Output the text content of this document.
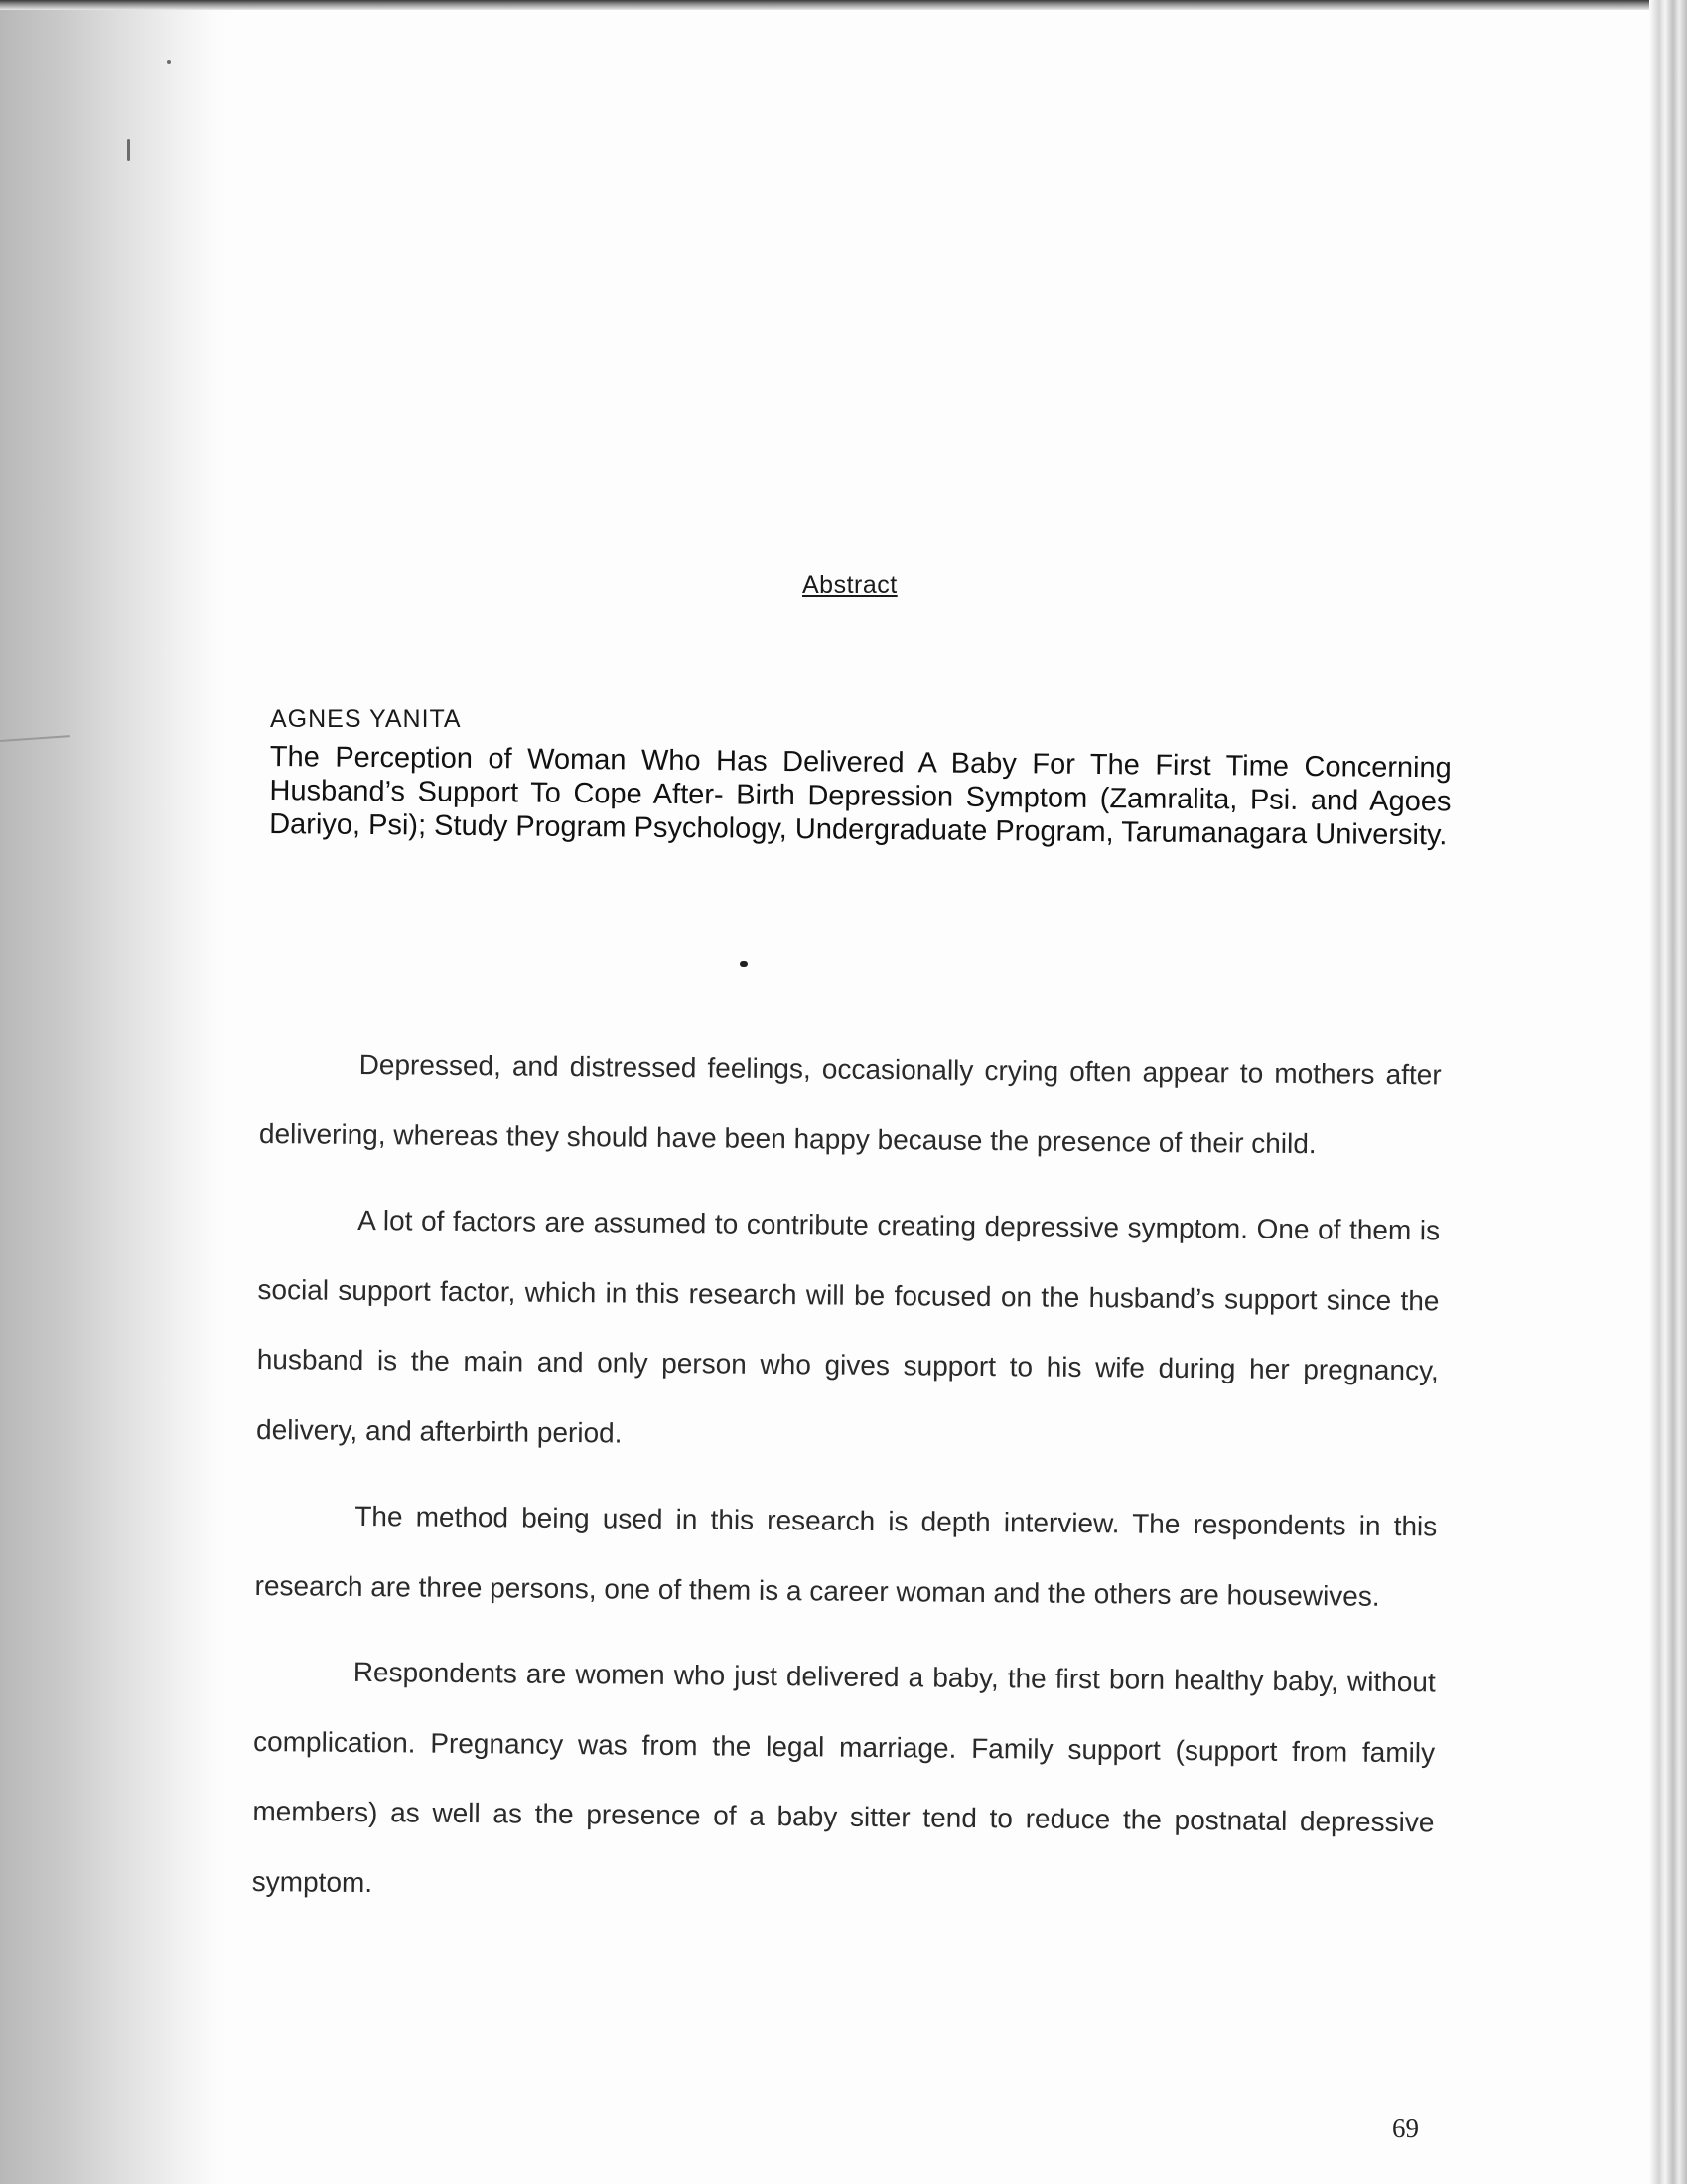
Abstract
AGNES YANITA
The Perception of Woman Who Has Delivered A Baby For The First Time Concerning Husband’s Support To Cope After- Birth Depression Symptom (Zamralita, Psi. and Agoes Dariyo, Psi); Study Program Psychology, Undergraduate Program, Tarumanagara University.

Depressed, and distressed feelings, occasionally crying often appear to mothers after delivering, whereas they should have been happy because the presence of their child.

A lot of factors are assumed to contribute creating depressive symptom. One of them is social support factor, which in this research will be focused on the husband’s support since the husband is the main and only person who gives support to his wife during her pregnancy, delivery, and afterbirth period.

The method being used in this research is depth interview. The respondents in this research are three persons, one of them is a career woman and the others are housewives.

Respondents are women who just delivered a baby, the first born healthy baby, without complication. Pregnancy was from the legal marriage. Family support (support from family members) as well as the presence of a baby sitter tend to reduce the postnatal depressive symptom.

69
